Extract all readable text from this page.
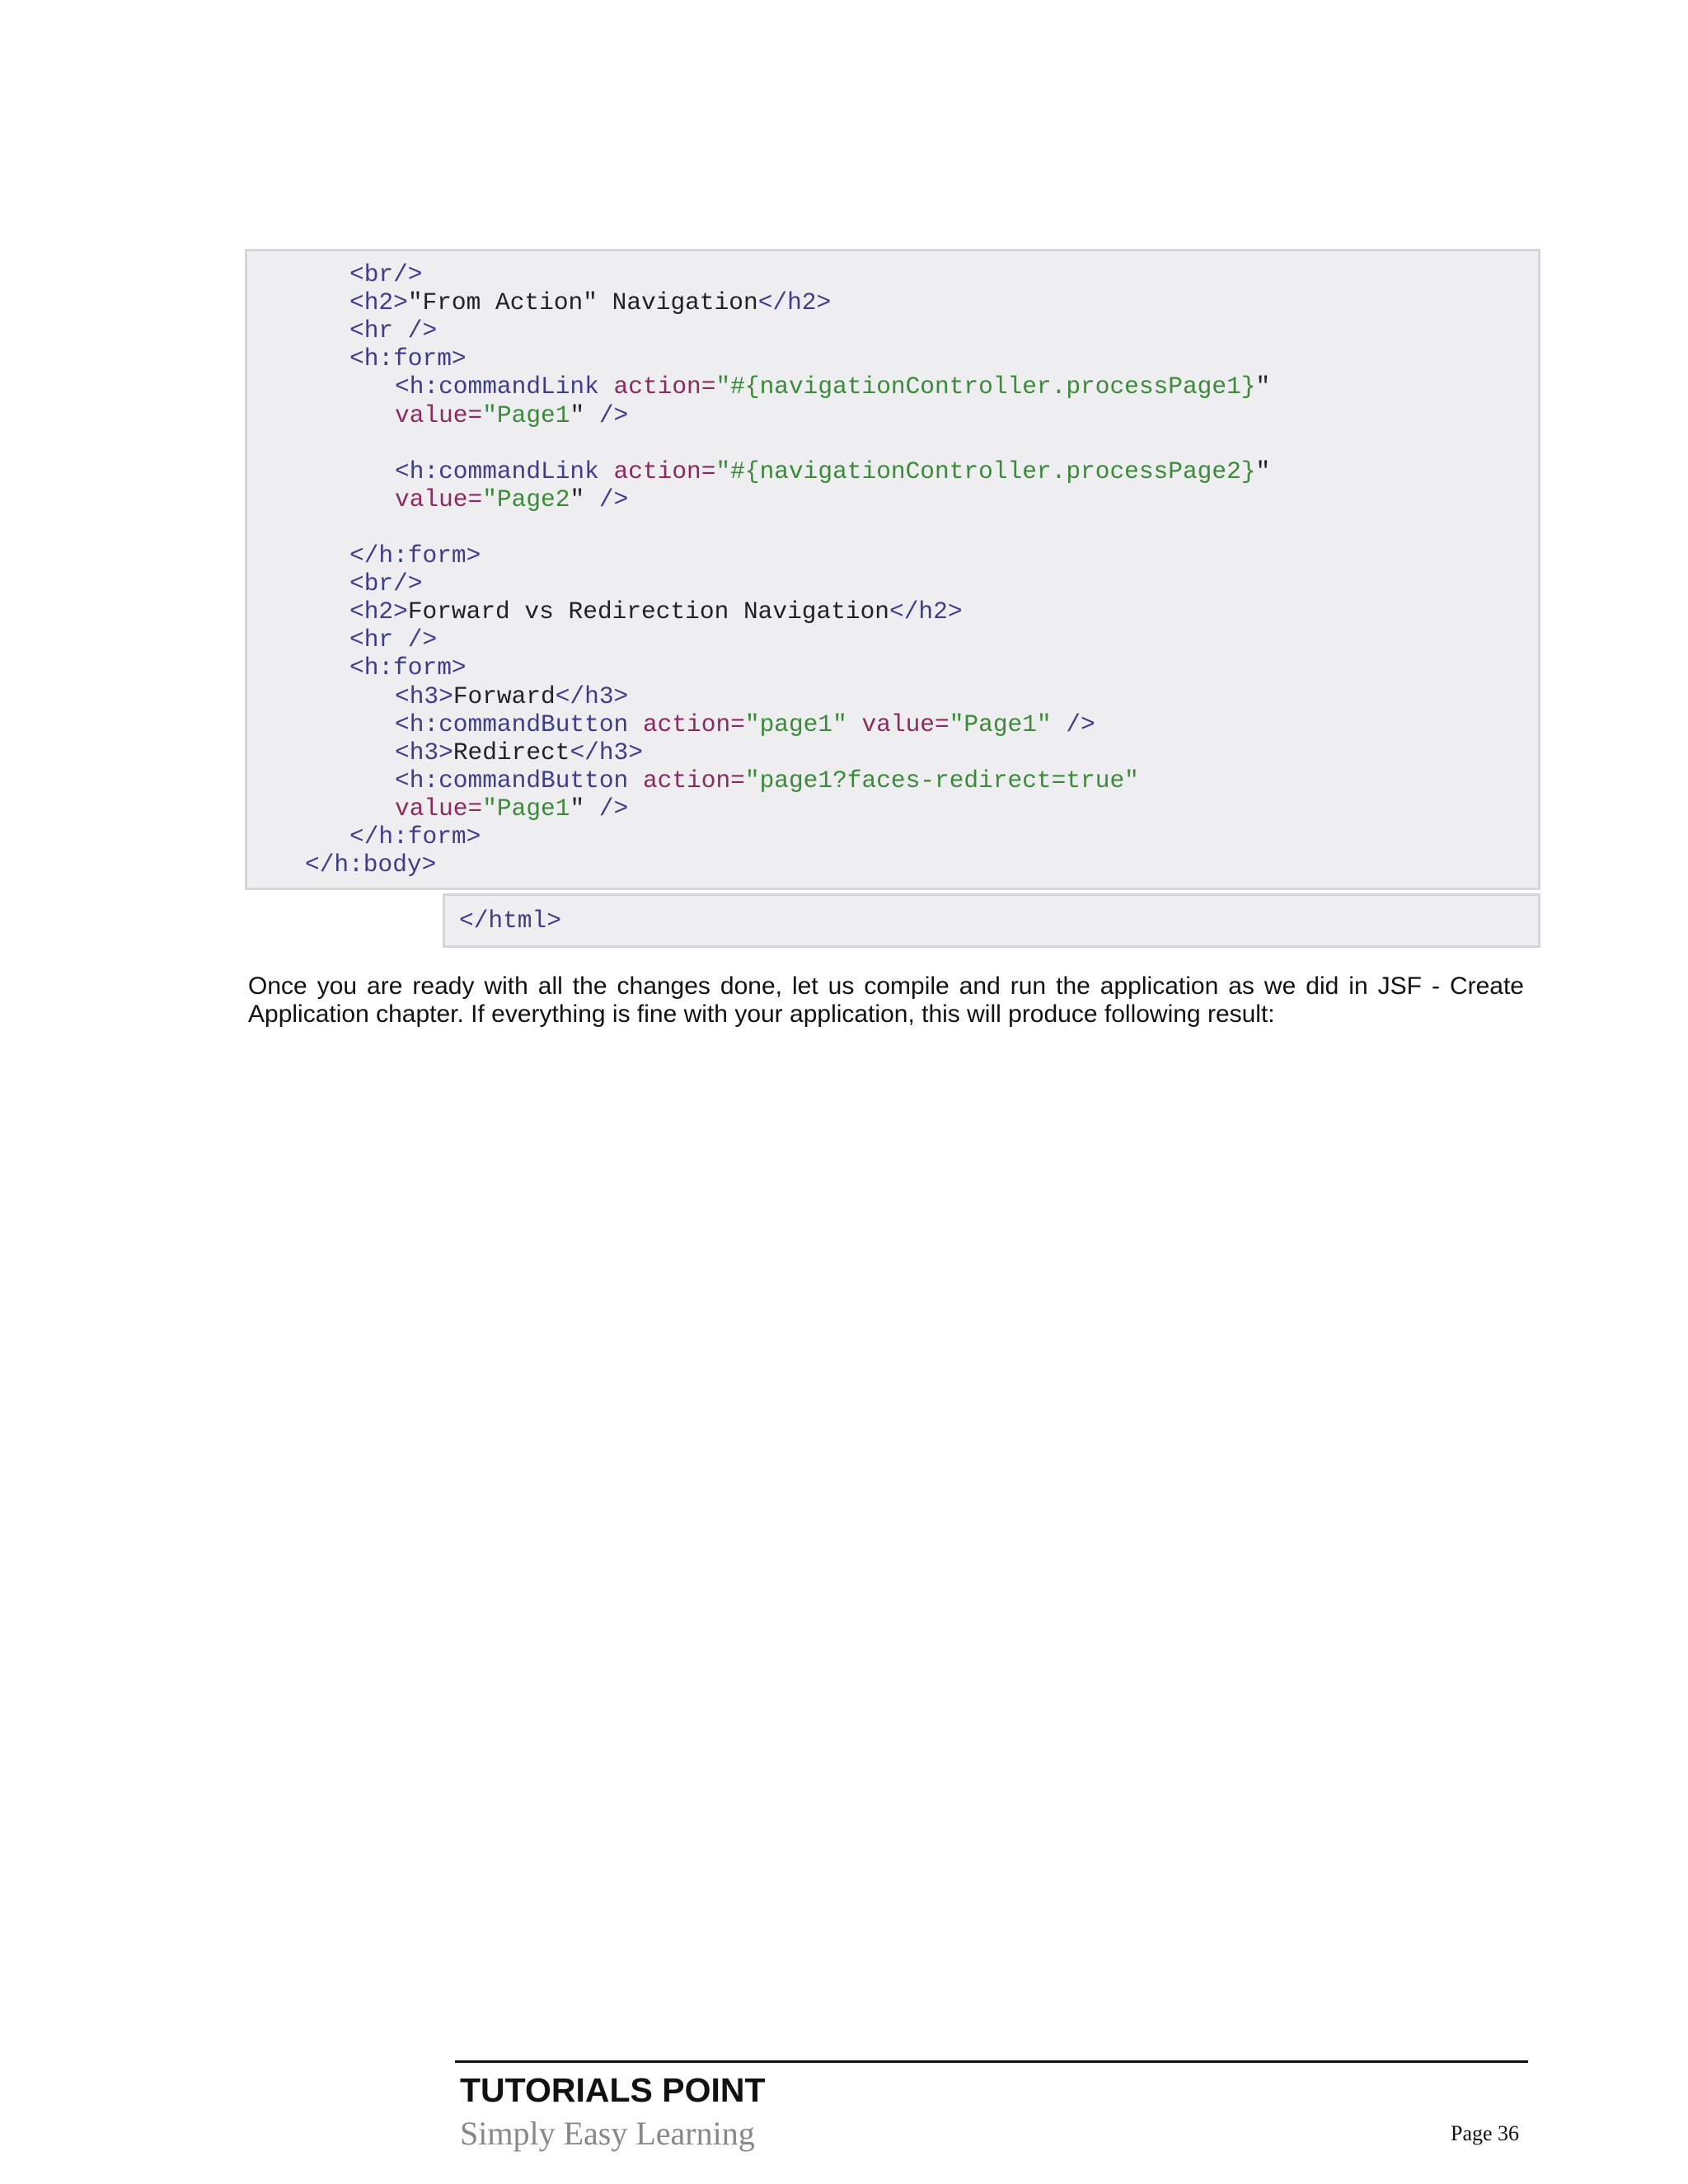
<br/>
<h2>"From Action" Navigation</h2>
<hr />
<h:form>
<h:commandLink action="#{navigationController.processPage1}"
value="Page1" />
<h:commandLink action="#{navigationController.processPage2}"
value="Page2" />
</h:form>
<br/>
<h2>Forward vs Redirection Navigation</h2>
<hr />
<h:form>
<h3>Forward</h3>
<h:commandButton action="page1" value="Page1" />
<h3>Redirect</h3>
<h:commandButton action="page1?faces-redirect=true"
value="Page1" />
</h:form>
</h:body>
</html>
Once you are ready with all the changes done, let us compile and run the application as we did in JSF - Create Application chapter. If everything is fine with your application, this will produce following result:
TUTORIALS POINT
Simply Easy Learning	Page 36
